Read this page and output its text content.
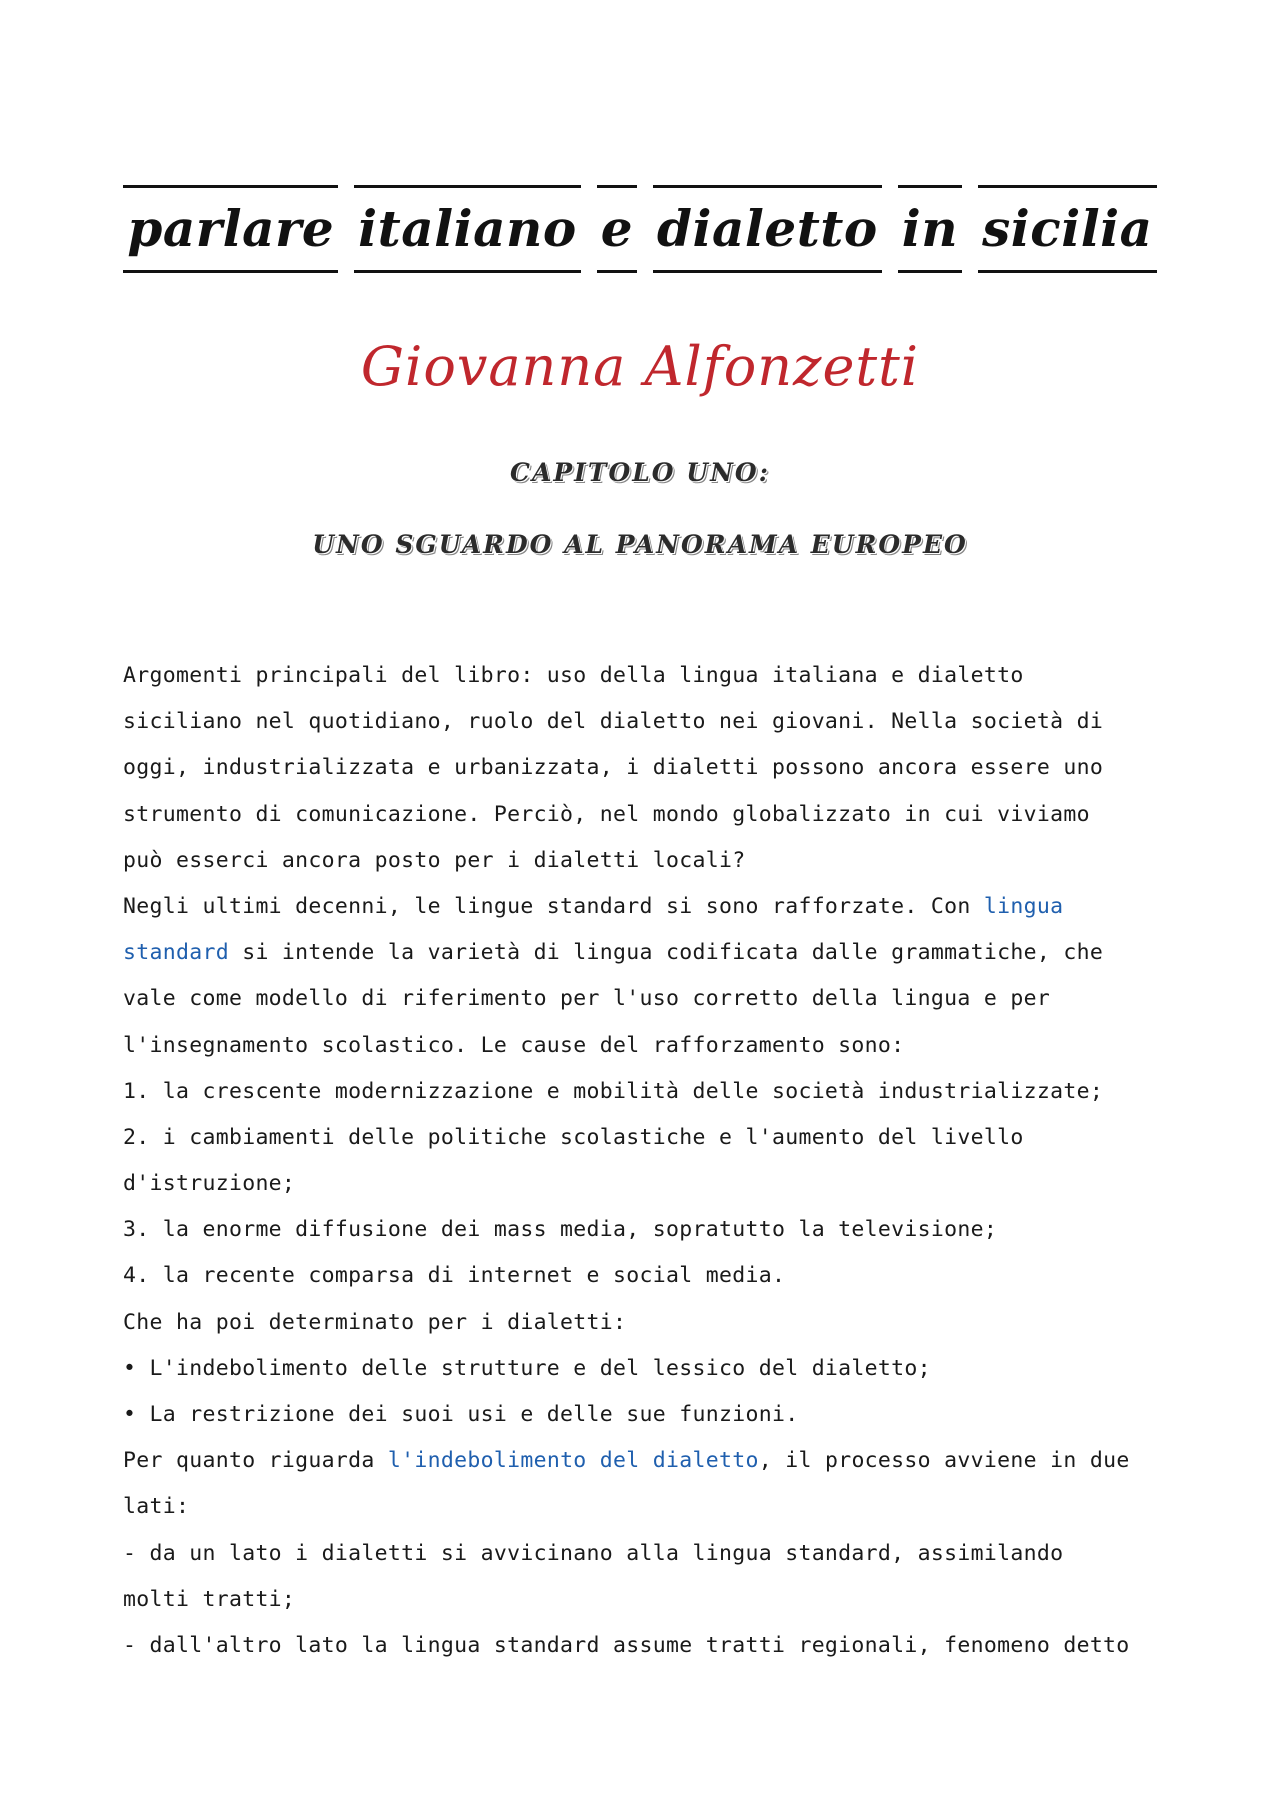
parlare italiano e dialetto in sicilia
Giovanna Alfonzetti
CAPITOLO UNO:
UNO SGUARDO AL PANORAMA EUROPEO
Argomenti principali del libro: uso della lingua italiana e dialetto
siciliano nel quotidiano, ruolo del dialetto nei giovani. Nella società di
oggi, industrializzata e urbanizzata, i dialetti possono ancora essere uno
strumento di comunicazione. Perciò, nel mondo globalizzato in cui viviamo
può esserci ancora posto per i dialetti locali?
Negli ultimi decenni, le lingue standard si sono rafforzate. Con lingua
standard si intende la varietà di lingua codificata dalle grammatiche, che
vale come modello di riferimento per l'uso corretto della lingua e per
l'insegnamento scolastico. Le cause del rafforzamento sono:
1. la crescente modernizzazione e mobilità delle società industrializzate;
2. i cambiamenti delle politiche scolastiche e l'aumento del livello
d'istruzione;
3. la enorme diffusione dei mass media, sopratutto la televisione;
4. la recente comparsa di internet e social media.
Che ha poi determinato per i dialetti:
• L'indebolimento delle strutture e del lessico del dialetto;
• La restrizione dei suoi usi e delle sue funzioni.
Per quanto riguarda l'indebolimento del dialetto, il processo avviene in due
lati:
- da un lato i dialetti si avvicinano alla lingua standard, assimilando
molti tratti;
- dall'altro lato la lingua standard assume tratti regionali, fenomeno detto
